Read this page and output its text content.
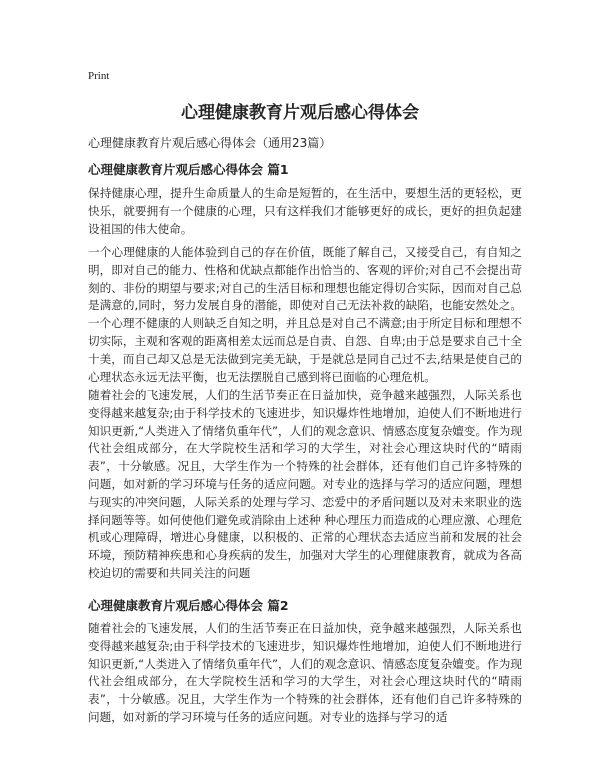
Print
心理健康教育片观后感心得体会
心理健康教育片观后感心得体会（通用23篇）
心理健康教育片观后感心得体会 篇1
保持健康心理，提升生命质量人的生命是短暂的，在生活中，要想生活的更轻松，更快乐，就要拥有一个健康的心理，只有这样我们才能够更好的成长，更好的担负起建设祖国的伟大使命。
一个心理健康的人能体验到自己的存在价值，既能了解自己，又接受自己，有自知之明，即对自己的能力、性格和优缺点都能作出恰当的、客观的评价;对自己不会提出苛刻的、非份的期望与要求;对自己的生活目标和理想也能定得切合实际，因而对自己总是满意的,同时，努力发展自身的潜能，即使对自己无法补救的缺陷，也能安然处之。一个心理不健康的人则缺乏自知之明，并且总是对自己不满意;由于所定目标和理想不切实际，主观和客观的距离相差太远而总是自责、自怨、自卑;由于总是要求自己十全十美，而自己却又总是无法做到完美无缺，于是就总是同自己过不去,结果是使自己的心理状态永远无法平衡，也无法摆脱自己感到将已面临的心理危机。
随着社会的飞速发展，人们的生活节奏正在日益加快，竞争越来越强烈，人际关系也变得越来越复杂;由于科学技术的飞速进步，知识爆炸性地增加，迫使人们不断地进行知识更新,“人类进入了情绪负重年代”，人们的观念意识、情感态度复杂嬗变。作为现代社会组成部分，在大学院校生活和学习的大学生，对社会心理这块时代的“晴雨表”，十分敏感。况且，大学生作为一个特殊的社会群体，还有他们自己许多特殊的问题，如对新的学习环境与任务的适应问题。对专业的选择与学习的适应问题，理想与现实的冲突问题，人际关系的处理与学习、恋爱中的矛盾问题以及对未来职业的选择问题等等。如何使他们避免或消除由上述种 种心理压力而造成的心理应激、心理危机或心理障碍，增进心身健康，以积极的、正常的心理状态去适应当前和发展的社会环境，预防精神疾患和心身疾病的发生，加强对大学生的心理健康教育，就成为各高校迫切的需要和共同关注的问题
心理健康教育片观后感心得体会 篇2
随着社会的飞速发展，人们的生活节奏正在日益加快，竞争越来越强烈，人际关系也变得越来越复杂;由于科学技术的飞速进步，知识爆炸性地增加，迫使人们不断地进行知识更新,“人类进入了情绪负重年代”，人们的观念意识、情感态度复杂嬗变。作为现代社会组成部分，在大学院校生活和学习的大学生，对社会心理这块时代的“晴雨表”，十分敏感。况且，大学生作为一个特殊的社会群体，还有他们自己许多特殊的问题，如对新的学习环境与任务的适应问题。对专业的选择与学习的适
